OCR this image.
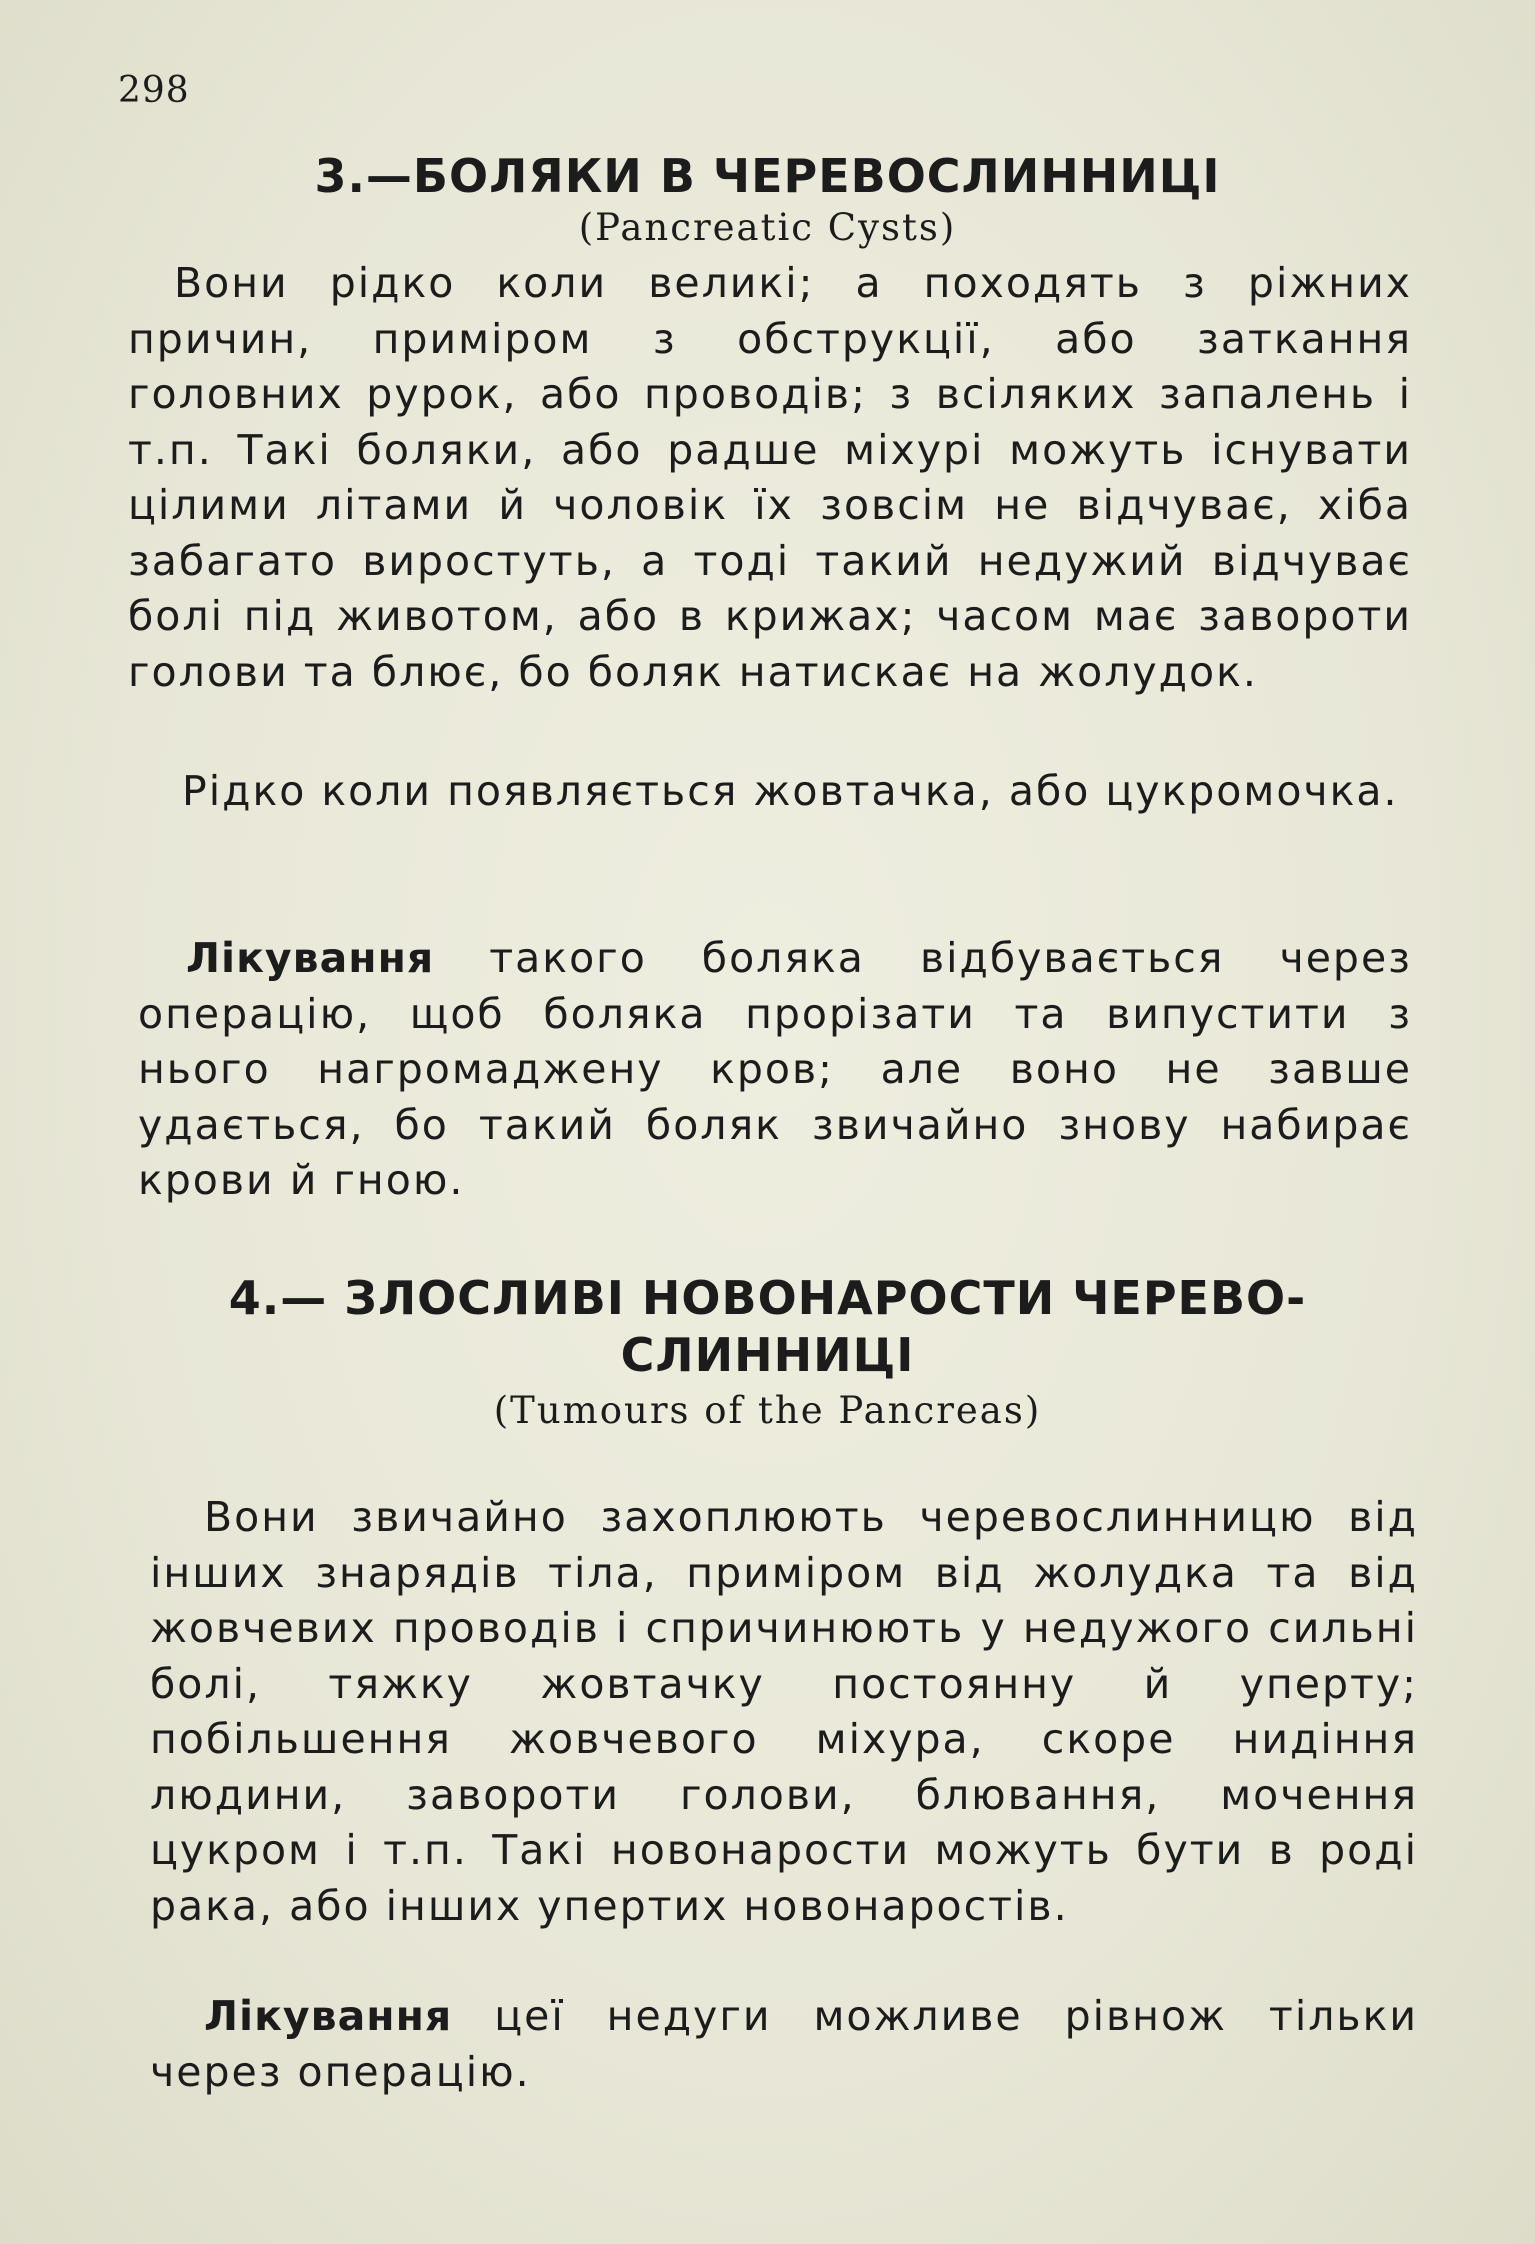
298
3.—БОЛЯКИ В ЧЕРЕВОСЛИННИЦІ
(Pancreatic Cysts)

Вони рідко коли великі; а походять з ріжних причин, приміром з обструкції, або заткання головних рурок, або проводів; з всіляких запалень і т.п. Такі боляки, або радше міхурі можуть існувати цілими літами й чоловік їх зовсім не відчуває, хіба забагато виростуть, а тоді такий недужий відчуває болі під животом, або в крижах; часом має завороти голови та блює, бо боляк натискає на жолудок.

Рідко коли появляється жовтачка, або цукромочка.

Лікування такого боляка відбувається через операцію, щоб боляка прорізати та випустити з нього нагромаджену кров; але воно не завше удається, бо такий боляк звичайно знову набирає крови й гною.

4.— ЗЛОСЛИВІ НОВОНАРОСТИ ЧЕРЕВО-
СЛИННИЦІ
(Tumours of the Pancreas)

Вони звичайно захоплюють черевослинницю від інших знарядів тіла, приміром від жолудка та від жовчевих проводів і спричинюють у недужого сильні болі, тяжку жовтачку постоянну й уперту; побільшення жовчевого міхура, скоре нидіння людини, завороти голови, блювання, мочення цукром і т.п. Такі новонарости можуть бути в роді рака, або інших упертих новонаростів.

Лікування цеї недуги можливе рівнож тільки через операцію.
